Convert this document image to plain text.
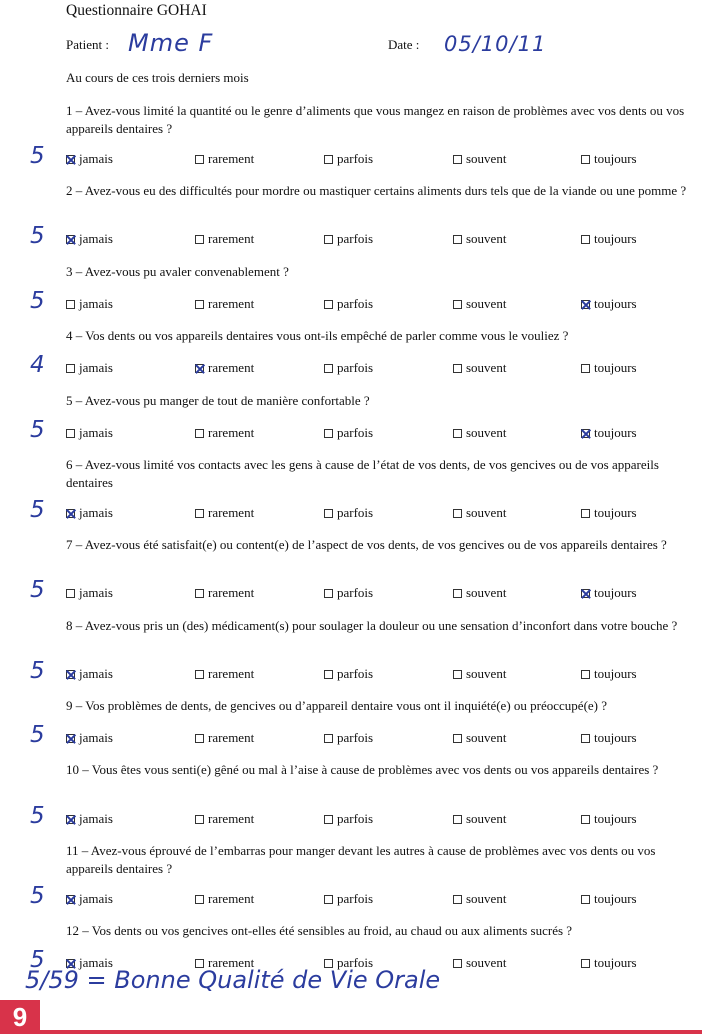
Questionnaire GOHAI
Patient : Mme F	Date : 05/10/11
Au cours de ces trois derniers mois
1 – Avez-vous limité la quantité ou le genre d’aliments que vous mangez en raison de problèmes avec vos dents ou vos appareils dentaires ?
5	jamais	rarement	parfois	souvent	toujours
2 – Avez-vous eu des difficultés pour mordre ou mastiquer certains aliments durs tels que de la viande ou une pomme ?
5	jamais	rarement	parfois	souvent	toujours
3 – Avez-vous pu avaler convenablement ?
5	jamais	rarement	parfois	souvent	toujours
4 – Vos dents ou vos appareils dentaires vous ont-ils empêché de parler comme vous le vouliez ?
4	jamais	rarement	parfois	souvent	toujours
5 – Avez-vous pu manger de tout de manière confortable ?
5	jamais	rarement	parfois	souvent	toujours
6 – Avez-vous limité vos contacts avec les gens à cause de l’état de vos dents, de vos gencives ou de vos appareils dentaires
5	jamais	rarement	parfois	souvent	toujours
7 – Avez-vous été satisfait(e) ou content(e) de l’aspect de vos dents, de vos gencives ou de vos appareils dentaires ?
5	jamais	rarement	parfois	souvent	toujours
8 – Avez-vous pris un (des) médicament(s) pour soulager la douleur ou une sensation d’inconfort dans votre bouche ?
5	jamais	rarement	parfois	souvent	toujours
9 – Vos problèmes de dents, de gencives ou d’appareil dentaire vous ont il inquiété(e) ou préoccupé(e) ?
5	jamais	rarement	parfois	souvent	toujours
10 – Vous êtes vous senti(e) gêné ou mal à l’aise à cause de problèmes avec vos dents ou vos appareils dentaires ?
5	jamais	rarement	parfois	souvent	toujours
11 – Avez-vous éprouvé de l’embarras pour manger devant les autres à cause de problèmes avec vos dents ou vos appareils dentaires ?
5	jamais	rarement	parfois	souvent	toujours
12 – Vos dents ou vos gencives ont-elles été sensibles au froid, au chaud ou aux aliments sucrés ?
5	jamais	rarement	parfois	souvent	toujours
5/59 = Bonne Qualité de Vie Orale
9
